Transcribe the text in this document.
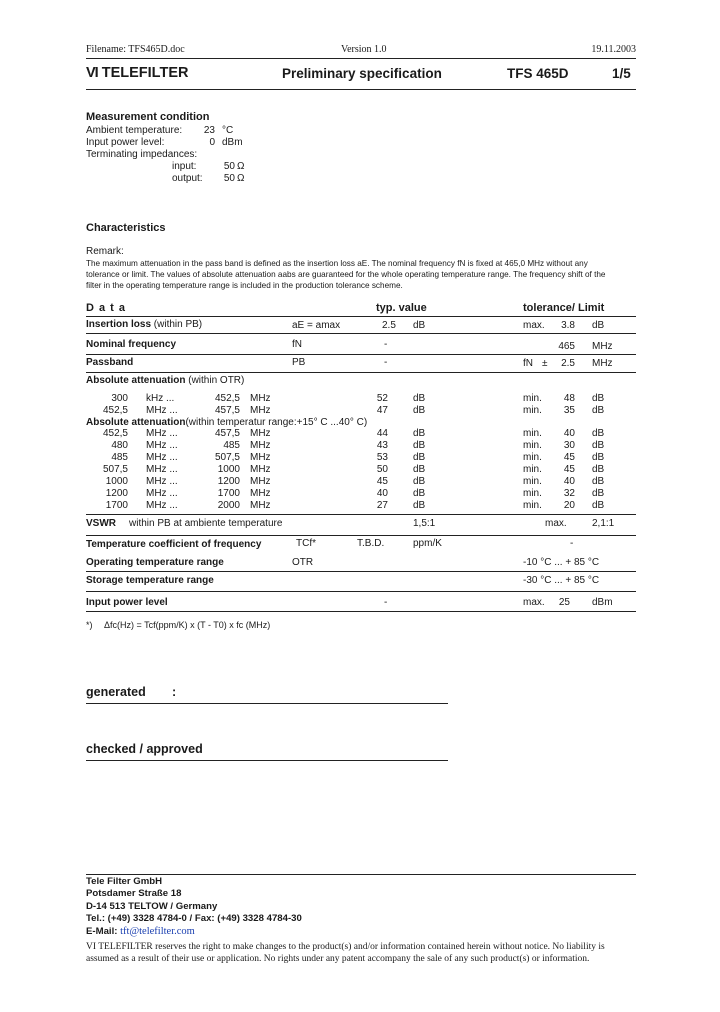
Filename: TFS465D.doc	Version 1.0	19.11.2003
VI TELEFILTER	Preliminary specification	TFS 465D	1/5
Measurement condition
Ambient temperature:	23 °C
Input power level:	0 dBm
Terminating impedances:
input:	50 Ω
output:	50 Ω
Characteristics
Remark:
The maximum attenuation in the pass band is defined as the insertion loss aE. The nominal frequency fN is fixed at 465,0 MHz without any
tolerance or limit. The values of absolute attenuation aabs are guaranteed for the whole operating temperature range. The frequency shift of the
filter in the operating temperature range is included in the production tolerance scheme.
D a t a	typ. value	tolerance/ Limit
Insertion loss (within PB)	aE = amax	2.5 dB	max.	3.8 dB
Nominal frequency	fN	-	465 MHz
Passband	PB	-	fN ±	2.5 MHz
Absolute attenuation (within OTR)
300 kHz ...	452,5 MHz	52	dB	min.	48 dB
452,5 MHz ...	457,5 MHz	47	dB	min.	35 dB
Absolute attenuation(within temperatur range:+15° C ...40° C)
452,5 MHz ...	457,5 MHz	44	dB	min.	40 dB
480 MHz ...	485 MHz	43	dB	min.	30 dB
485 MHz ...	507,5 MHz	53	dB	min.	45 dB
507,5 MHz ...	1000 MHz	50	dB	min.	45 dB
1000 MHz ...	1200 MHz	45	dB	min.	40 dB
1200 MHz ...	1700 MHz	40	dB	min.	32 dB
1700 MHz ...	2000 MHz	27	dB	min.	20 dB
VSWR within PB at ambiente temperature	1,5:1	max.	2,1:1
Temperature coefficient of frequency	TCf*	T.B.D.	ppm/K	-
Operating temperature range	OTR	-10 °C ... + 85 °C
Storage temperature range	-30 °C ... + 85 °C
Input power level	-	max.	25 dBm
*) Δfc(Hz) = Tcf(ppm/K) x (T - T0) x fc (MHz)
generated :
checked / approved
Tele Filter GmbH
Potsdamer Straße 18
D-14 513 TELTOW / Germany
Tel.: (+49) 3328 4784-0 / Fax: (+49) 3328 4784-30
E-Mail: tft@telefilter.com
VI TELEFILTER reserves the right to make changes to the product(s) and/or information contained herein without notice. No liability is
assumed as a result of their use or application. No rights under any patent accompany the sale of any such product(s) or information.
